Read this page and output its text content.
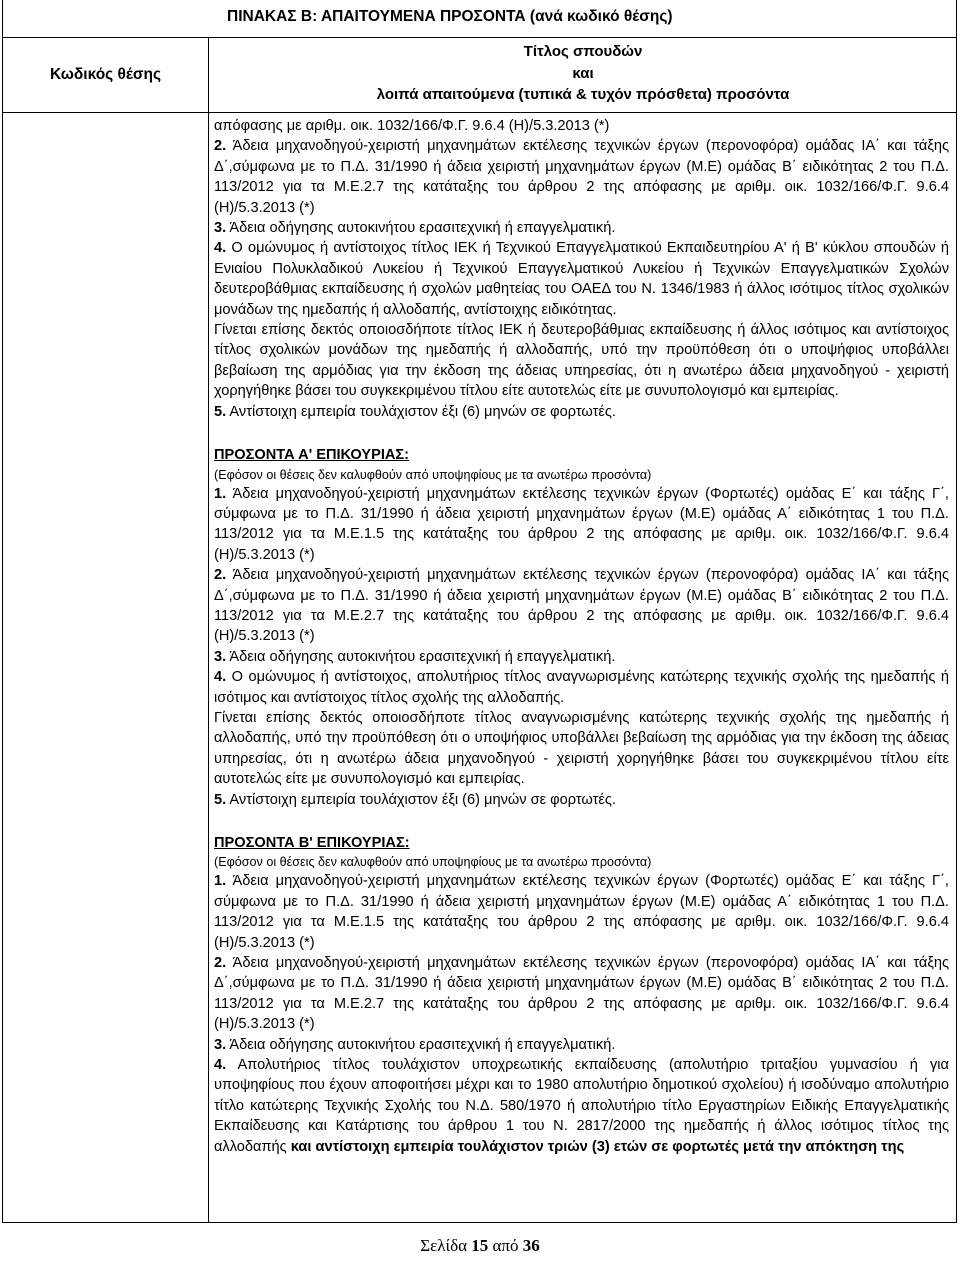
ΠΙΝΑΚΑΣ Β: ΑΠΑΙΤΟΥΜΕΝΑ ΠΡΟΣΟΝΤΑ (ανά κωδικό θέσης)
Κωδικός θέσης
Τίτλος σπουδών
και
λοιπά απαιτούμενα (τυπικά & τυχόν πρόσθετα) προσόντα

απόφασης με αριθμ. οικ. 1032/166/Φ.Γ. 9.6.4 (Η)/5.3.2013 (*)

2. Άδεια μηχανοδηγού-χειριστή μηχανημάτων εκτέλεσης τεχνικών έργων (περονοφόρα) ομάδας ΙΑ΄ και τάξης Δ΄,σύμφωνα με το Π.Δ. 31/1990 ή άδεια χειριστή μηχανημάτων έργων (Μ.Ε) ομάδας Β΄ ειδικότητας 2 του Π.Δ. 113/2012 για τα Μ.Ε.2.7 της κατάταξης του άρθρου 2 της απόφασης με αριθμ. οικ. 1032/166/Φ.Γ. 9.6.4 (Η)/5.3.2013 (*)

3. Άδεια οδήγησης αυτοκινήτου ερασιτεχνική ή επαγγελματική.

4. Ο ομώνυμος ή αντίστοιχος τίτλος ΙΕΚ ή Τεχνικού Επαγγελματικού Εκπαιδευτηρίου Α' ή Β' κύκλου σπουδών ή Ενιαίου Πολυκλαδικού Λυκείου ή Τεχνικού Επαγγελματικού Λυκείου ή Τεχνικών Επαγγελματικών Σχολών δευτεροβάθμιας εκπαίδευσης ή σχολών μαθητείας του ΟΑΕΔ του Ν. 1346/1983 ή άλλος ισότιμος τίτλος σχολικών μονάδων της ημεδαπής ή αλλοδαπής, αντίστοιχης ειδικότητας.

Γίνεται επίσης δεκτός οποιοσδήποτε τίτλος ΙΕΚ ή δευτεροβάθμιας εκπαίδευσης ή άλλος ισότιμος και αντίστοιχος τίτλος σχολικών μονάδων της ημεδαπής ή αλλοδαπής, υπό την προϋπόθεση ότι ο υποψήφιος υποβάλλει βεβαίωση της αρμόδιας για την έκδοση της άδειας υπηρεσίας, ότι η ανωτέρω άδεια μηχανοδηγού - χειριστή χορηγήθηκε βάσει του συγκεκριμένου τίτλου είτε αυτοτελώς είτε με συνυπολογισμό και εμπειρίας.

5. Αντίστοιχη εμπειρία τουλάχιστον έξι (6) μηνών σε φορτωτές.

ΠΡΟΣΟΝΤΑ Α' ΕΠΙΚΟΥΡΙΑΣ:

(Εφόσον οι θέσεις δεν καλυφθούν από υποψηφίους με τα ανωτέρω προσόντα)

1. Άδεια μηχανοδηγού-χειριστή μηχανημάτων εκτέλεσης τεχνικών έργων (Φορτωτές) ομάδας Ε΄ και τάξης Γ΄, σύμφωνα με το Π.Δ. 31/1990 ή άδεια χειριστή μηχανημάτων έργων (Μ.Ε) ομάδας Α΄ ειδικότητας 1 του Π.Δ. 113/2012 για τα Μ.Ε.1.5 της κατάταξης του άρθρου 2 της απόφασης με αριθμ. οικ. 1032/166/Φ.Γ. 9.6.4 (Η)/5.3.2013 (*)

2. Άδεια μηχανοδηγού-χειριστή μηχανημάτων εκτέλεσης τεχνικών έργων (περονοφόρα) ομάδας ΙΑ΄ και τάξης Δ΄,σύμφωνα με το Π.Δ. 31/1990 ή άδεια χειριστή μηχανημάτων έργων (Μ.Ε) ομάδας Β΄ ειδικότητας 2 του Π.Δ. 113/2012 για τα Μ.Ε.2.7 της κατάταξης του άρθρου 2 της απόφασης με αριθμ. οικ. 1032/166/Φ.Γ. 9.6.4 (Η)/5.3.2013 (*)

3. Άδεια οδήγησης αυτοκινήτου ερασιτεχνική ή επαγγελματική.

4. Ο ομώνυμος ή αντίστοιχος, απολυτήριος τίτλος αναγνωρισμένης κατώτερης τεχνικής σχολής της ημεδαπής ή ισότιμος και αντίστοιχος τίτλος σχολής της αλλοδαπής.

Γίνεται επίσης δεκτός οποιοσδήποτε τίτλος αναγνωρισμένης κατώτερης τεχνικής σχολής της ημεδαπής ή αλλοδαπής, υπό την προϋπόθεση ότι ο υποψήφιος υποβάλλει βεβαίωση της αρμόδιας για την έκδοση της άδειας υπηρεσίας, ότι η ανωτέρω άδεια μηχανοδηγού - χειριστή χορηγήθηκε βάσει του συγκεκριμένου τίτλου είτε αυτοτελώς είτε με συνυπολογισμό και εμπειρίας.

5. Αντίστοιχη εμπειρία τουλάχιστον έξι (6) μηνών σε φορτωτές.

ΠΡΟΣΟΝΤΑ Β' ΕΠΙΚΟΥΡΙΑΣ:

(Εφόσον οι θέσεις δεν καλυφθούν από υποψηφίους με τα ανωτέρω προσόντα)

1. Άδεια μηχανοδηγού-χειριστή μηχανημάτων εκτέλεσης τεχνικών έργων (Φορτωτές) ομάδας Ε΄ και τάξης Γ΄, σύμφωνα με το Π.Δ. 31/1990 ή άδεια χειριστή μηχανημάτων έργων (Μ.Ε) ομάδας Α΄ ειδικότητας 1 του Π.Δ. 113/2012 για τα Μ.Ε.1.5 της κατάταξης του άρθρου 2 της απόφασης με αριθμ. οικ. 1032/166/Φ.Γ. 9.6.4 (Η)/5.3.2013 (*)

2. Άδεια μηχανοδηγού-χειριστή μηχανημάτων εκτέλεσης τεχνικών έργων (περονοφόρα) ομάδας ΙΑ΄ και τάξης Δ΄,σύμφωνα με το Π.Δ. 31/1990 ή άδεια χειριστή μηχανημάτων έργων (Μ.Ε) ομάδας Β΄ ειδικότητας 2 του Π.Δ. 113/2012 για τα Μ.Ε.2.7 της κατάταξης του άρθρου 2 της απόφασης με αριθμ. οικ. 1032/166/Φ.Γ. 9.6.4 (Η)/5.3.2013 (*)

3. Άδεια οδήγησης αυτοκινήτου ερασιτεχνική ή επαγγελματική.

4. Απολυτήριος τίτλος τουλάχιστον υποχρεωτικής εκπαίδευσης (απολυτήριο τριταξίου γυμνασίου ή για υποψηφίους που έχουν αποφοιτήσει μέχρι και το 1980 απολυτήριο δημοτικού σχολείου) ή ισοδύναμο απολυτήριο τίτλο κατώτερης Τεχνικής Σχολής του Ν.Δ. 580/1970 ή απολυτήριο τίτλο Εργαστηρίων Ειδικής Επαγγελματικής Εκπαίδευσης και Κατάρτισης του άρθρου 1 του Ν. 2817/2000 της ημεδαπής ή άλλος ισότιμος τίτλος της αλλοδαπής και αντίστοιχη εμπειρία τουλάχιστον τριών (3) ετών σε φορτωτές μετά την απόκτηση της

Σελίδα 15 από 36
